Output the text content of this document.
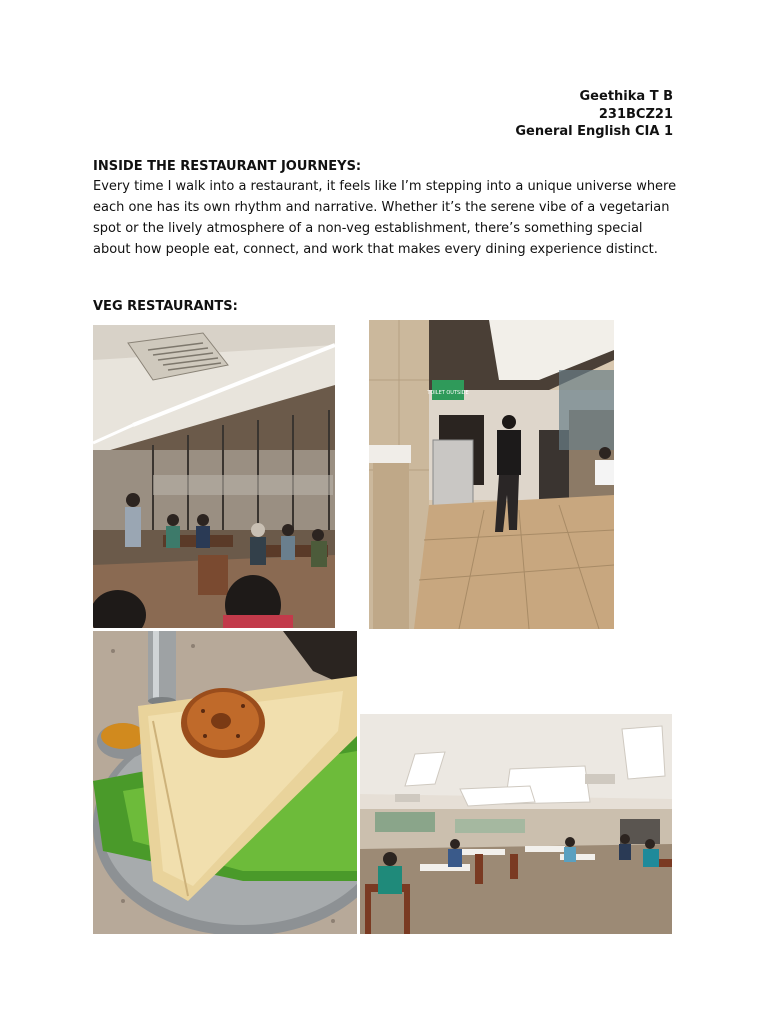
Geethika T B
231BCZ21
General English CIA 1
INSIDE THE RESTAURANT JOURNEYS:
Every time I walk into a restaurant, it feels like I’m stepping into a unique universe where each one has its own rhythm and narrative. Whether it’s the serene vibe of a vegetarian spot or the lively atmosphere of a non-veg establishment, there’s something special about how people eat, connect, and work that makes every dining experience distinct.
VEG RESTAURANTS:
TOILET OUTSIDE
